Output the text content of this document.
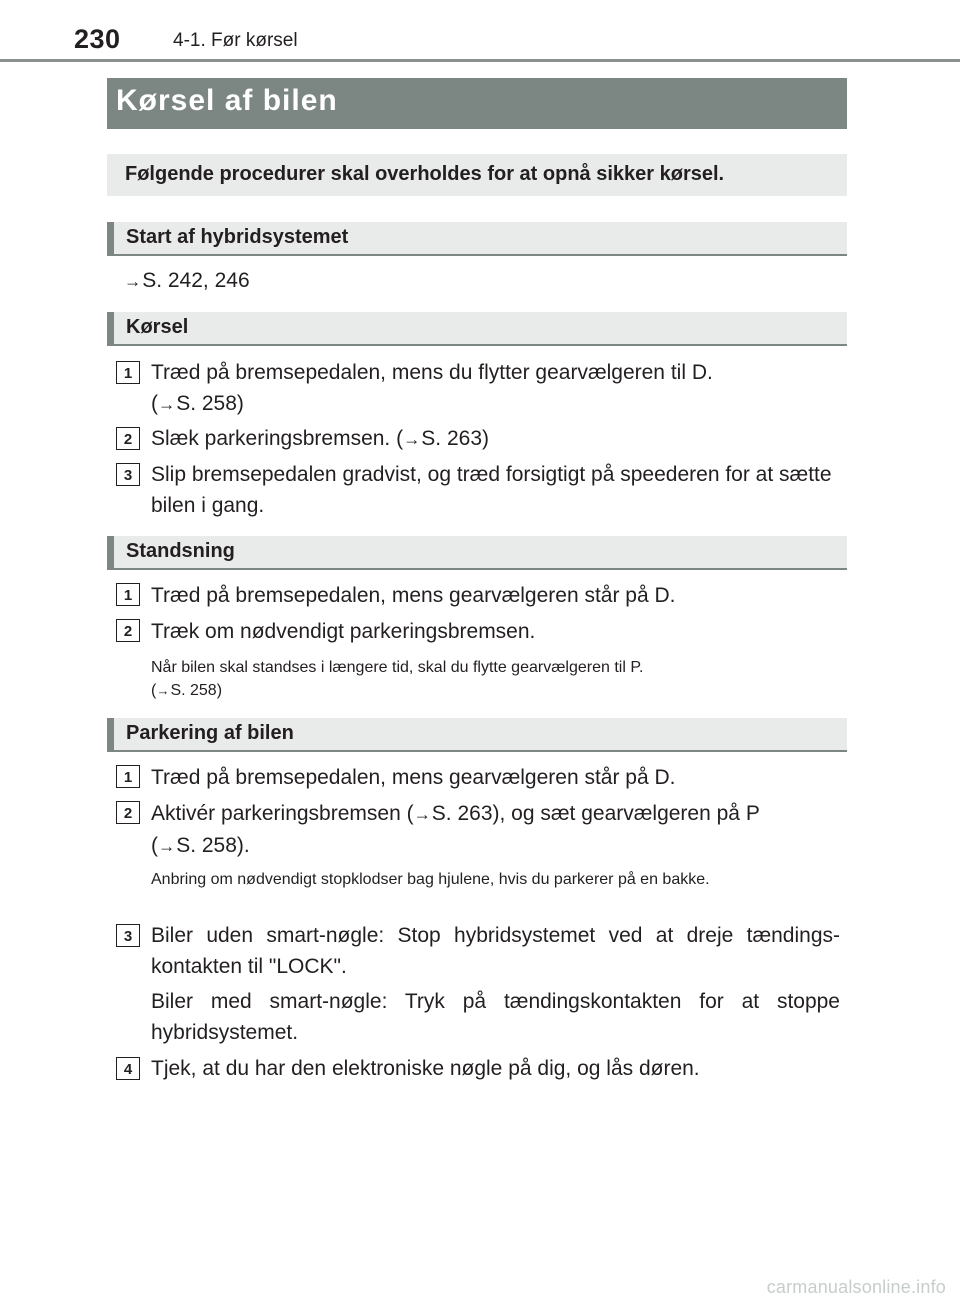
230	4-1. Før kørsel
Kørsel af bilen
Følgende procedurer skal overholdes for at opnå sikker kørsel.
Start af hybridsystemet
→S. 242, 246
Kørsel
1 Træd på bremsepedalen, mens du flytter gearvælgeren til D.
(→S. 258)
2 Slæk parkeringsbremsen. (→S. 263)
3 Slip bremsepedalen gradvist, og træd forsigtigt på speederen for at sætte bilen i gang.
Standsning
1 Træd på bremsepedalen, mens gearvælgeren står på D.
2 Træk om nødvendigt parkeringsbremsen.
Når bilen skal standses i længere tid, skal du flytte gearvælgeren til P.
(→S. 258)
Parkering af bilen
1 Træd på bremsepedalen, mens gearvælgeren står på D.
2 Aktivér parkeringsbremsen (→S. 263), og sæt gearvælgeren på P
(→S. 258).
Anbring om nødvendigt stopklodser bag hjulene, hvis du parkerer på en bakke.
3 Biler uden smart-nøgle: Stop hybridsystemet ved at dreje tændings-kontakten til "LOCK".
Biler med smart-nøgle: Tryk på tændingskontakten for at stoppe hybridsystemet.
4 Tjek, at du har den elektroniske nøgle på dig, og lås døren.
carmanualsonline.info
